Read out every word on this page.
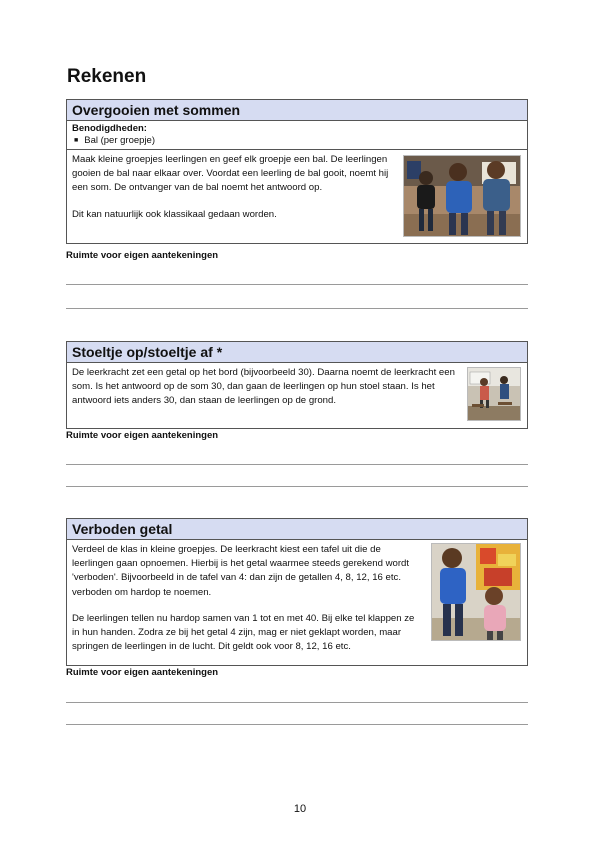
Rekenen
Overgooien met sommen
Benodigdheden:
■ Bal (per groepje)

Maak kleine groepjes leerlingen en geef elk groepje een bal. De leerlingen gooien de bal naar elkaar over. Voordat een leerling de bal gooit, noemt hij een som. De ontvanger van de bal noemt het antwoord op.

Dit kan natuurlijk ook klassikaal gedaan worden.

Ruimte voor eigen aantekeningen
Stoeltje op/stoeltje af *

De leerkracht zet een getal op het bord (bijvoorbeeld 30). Daarna noemt de leerkracht een som. Is het antwoord op de som 30, dan gaan de leerlingen op hun stoel staan. Is het antwoord iets anders 30, dan staan de leerlingen op de grond.

Ruimte voor eigen aantekeningen
Verboden getal

Verdeel de klas in kleine groepjes. De leerkracht kiest een tafel uit die de leerlingen gaan opnoemen. Hierbij is het getal waarmee steeds gerekend wordt 'verboden'. Bijvoorbeeld in de tafel van 4: dan zijn de getallen 4, 8, 12, 16 etc. verboden om hardop te noemen.

De leerlingen tellen nu hardop samen van 1 tot en met 40. Bij elke tel klappen ze in hun handen. Zodra ze bij het getal 4 zijn, mag er niet geklapt worden, maar springen de leerlingen in de lucht. Dit geldt ook voor 8, 12, 16 etc.

Ruimte voor eigen aantekeningen
10
